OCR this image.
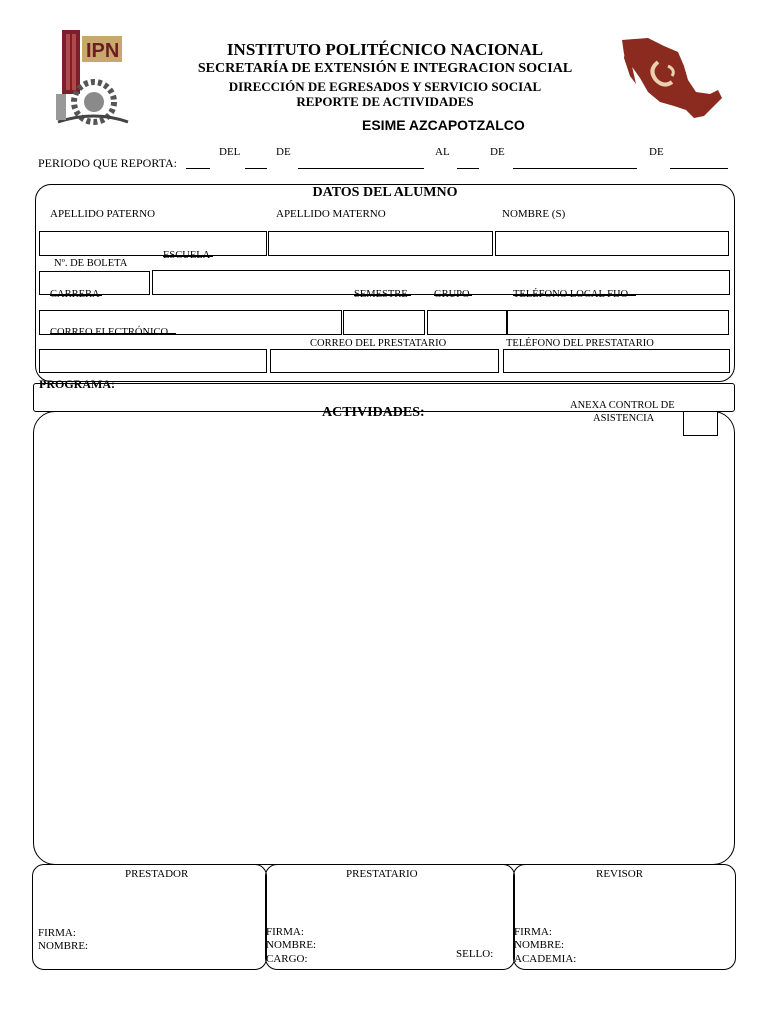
IPN	INSTITUTO POLITÉCNICO NACIONAL
SECRETARÍA DE EXTENSIÓN E INTEGRACION SOCIAL
DIRECCIÓN DE EGRESADOS Y SERVICIO SOCIAL
REPORTE DE ACTIVIDADES
ESIME AZCAPOTZALCO
PERIODO QUE REPORTA:
DEL	DE	AL	DE	DE
DATOS DEL ALUMNO
APELLIDO PATERNO	APELLIDO MATERNO	NOMBRE (S)
Nº. DE BOLETA
ESCUELA
CARRERA	SEMESTRE	GRUPO	TELÉFONO LOCAL FIJO
CORREO ELECTRÓNICO
CORREO DEL PRESTATARIO	TELÉFONO DEL PRESTATARIO
PROGRAMA:
ACTIVIDADES:	ANEXA CONTROL DE
ASISTENCIA
PRESTADOR
FIRMA:
NOMBRE:
PRESTATARIO
FIRMA:
NOMBRE:
CARGO:	SELLO:
REVISOR
FIRMA:
NOMBRE:
ACADEMIA:
